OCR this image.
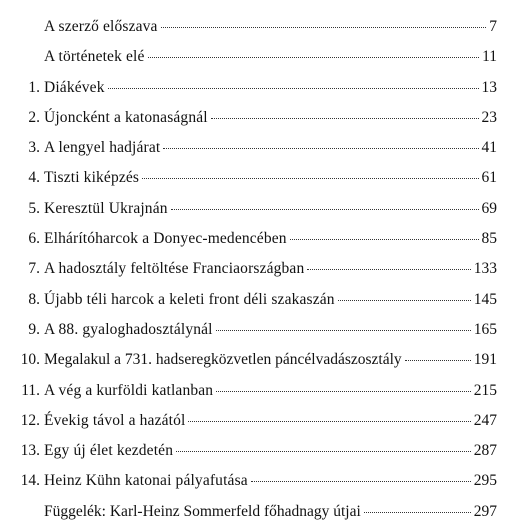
A szerző előszava	7
A történetek elé	11
1. Diákévek	13
2. Újoncként a katonaságnál	23
3. A lengyel hadjárat	41
4. Tiszti kiképzés	61
5. Keresztül Ukrajnán	69
6. Elhárítóharcok a Donyec-medencében	85
7. A hadosztály feltöltése Franciaországban	133
8. Újabb téli harcok a keleti front déli szakaszán	145
9. A 88. gyaloghadosztálynál	165
10. Megalakul a 731. hadseregközvetlen páncélvadászosztály	191
11. A vég a kurföldi katlanban	215
12. Évekig távol a hazától	247
13. Egy új élet kezdetén	287
14. Heinz Kühn katonai pályafutása	295
Függelék: Karl-Heinz Sommerfeld főhadnagy útjai	297
